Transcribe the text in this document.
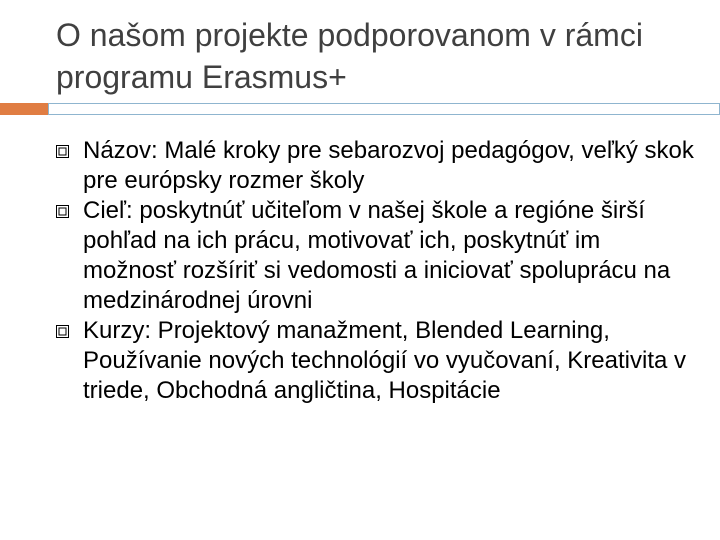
O našom projekte podporovanom v rámci programu Erasmus+
Názov: Malé kroky pre sebarozvoj pedagógov, veľký skok pre európsky rozmer školy
Cieľ: poskytnúť učiteľom v našej škole a regióne širší pohľad na ich prácu, motivovať ich, poskytnúť im možnosť rozšíriť si vedomosti a iniciovať spoluprácu na medzinárodnej úrovni
Kurzy: Projektový manažment, Blended Learning, Používanie nových technológií vo vyučovaní, Kreativita v triede, Obchodná angličtina, Hospitácie
